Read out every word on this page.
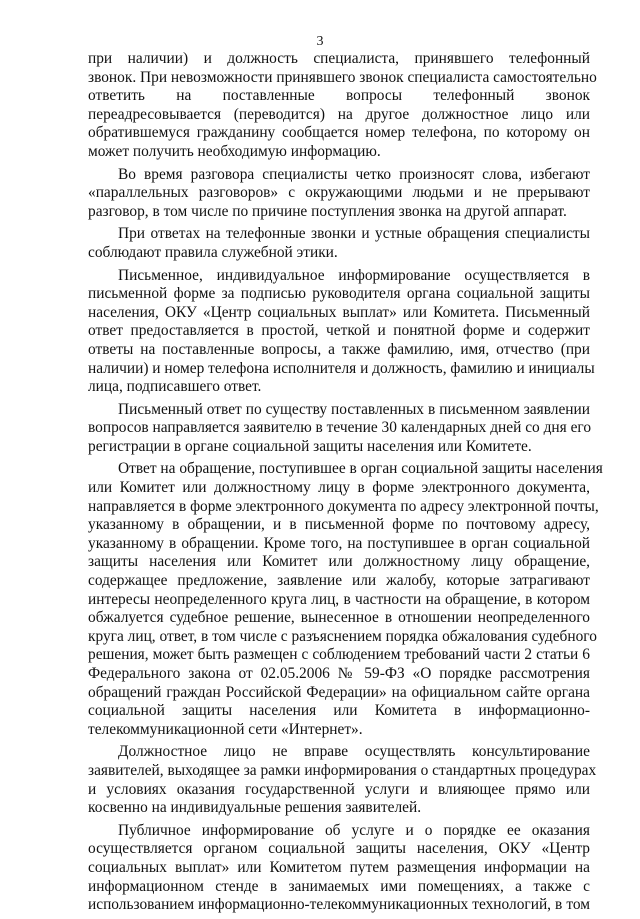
3
при наличии) и должность специалиста, принявшего телефонный
звонок. При невозможности принявшего звонок специалиста самостоятельно
ответить на поставленные вопросы телефонный звонок
переадресовывается (переводится) на другое должностное лицо или
обратившемуся гражданину сообщается номер телефона, по которому он
может получить необходимую информацию.
Во время разговора специалисты четко произносят слова, избегают
«параллельных разговоров» с окружающими людьми и не прерывают
разговор, в том числе по причине поступления звонка на другой аппарат.
При ответах на телефонные звонки и устные обращения специалисты
соблюдают правила служебной этики.
Письменное, индивидуальное информирование осуществляется в
письменной форме за подписью руководителя органа социальной защиты
населения, ОКУ «Центр социальных выплат» или Комитета. Письменный
ответ предоставляется в простой, четкой и понятной форме и содержит
ответы на поставленные вопросы, а также фамилию, имя, отчество (при
наличии) и номер телефона исполнителя и должность, фамилию и инициалы
лица, подписавшего ответ.
Письменный ответ по существу поставленных в письменном заявлении
вопросов направляется заявителю в течение 30 календарных дней со дня его
регистрации в органе социальной защиты населения или Комитете.
Ответ на обращение, поступившее в орган социальной защиты населения
или Комитет или должностному лицу в форме электронного документа,
направляется в форме электронного документа по адресу электронной почты,
указанному в обращении, и в письменной форме по почтовому адресу,
указанному в обращении. Кроме того, на поступившее в орган социальной
защиты населения или Комитет или должностному лицу обращение,
содержащее предложение, заявление или жалобу, которые затрагивают
интересы неопределенного круга лиц, в частности на обращение, в котором
обжалуется судебное решение, вынесенное в отношении неопределенного
круга лиц, ответ, в том числе с разъяснением порядка обжалования судебного
решения, может быть размещен с соблюдением требований части 2 статьи 6
Федерального закона от 02.05.2006 № 59-ФЗ «О порядке рассмотрения
обращений граждан Российской Федерации» на официальном сайте органа
социальной защиты населения или Комитета в информационно-
телекоммуникационной сети «Интернет».
Должностное лицо не вправе осуществлять консультирование
заявителей, выходящее за рамки информирования о стандартных процедурах
и условиях оказания государственной услуги и влияющее прямо или
косвенно на индивидуальные решения заявителей.
Публичное информирование об услуге и о порядке ее оказания
осуществляется органом социальной защиты населения, ОКУ «Центр
социальных выплат» или Комитетом путем размещения информации на
информационном стенде в занимаемых ими помещениях, а также с
использованием информационно-телекоммуникационных технологий, в том
